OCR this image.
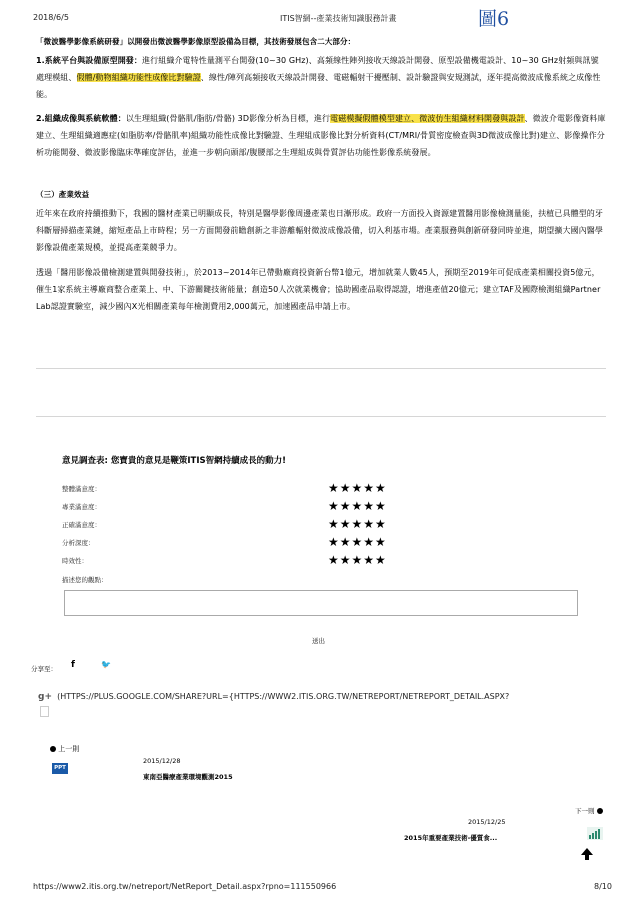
2018/6/5	ITIS智網--產業技術知識服務計畫	圖6
「微波醫學影像系統研發」以開發出微波醫學影像原型設備為目標，其技術發展包含二大部分：
1.系統平台與設備原型開發：進行組織介電特性量測平台開發(10~30 GHz)、高頻線性陣列接收天線設計開發、原型設備機電設計、10~30 GHz射頻與訊號處理模組、假體/動物組織功能性成像比對驗證、線性/陣列高頻接收天線設計開發、電磁輻射干擾壓制、設計驗證與安規測試，逐年提高微波成像系統之成像性能。
2.組織成像與系統軟體：以生理組織(骨骼肌/脂肪/骨骼) 3D影像分析為目標，進行電磁模擬假體模型建立、微波仿生組織材料開發與設計、微波介電影像資料庫建立、生理組織適應症(如脂肪率/骨骼肌率)組織功能性成像比對驗證、生理組成影像比對分析資料(CT/MRI/骨質密度檢查與3D微波成像比對)建立、影像操作分析功能開發、微波影像臨床準確度評估，並進一步朝向頭部/腹腰部之生理組成與骨質評估功能性影像系統發展。
（三）產業效益
近年來在政府持續推動下，我國的醫材產業已明顯成長，特別是醫學影像周邊產業也日漸形成。政府一方面投入資源建置醫用影像檢測量能，扶植已具體型的牙科斷層掃描產業鏈，縮短產品上市時程；另一方面開發前瞻創新之非游離輻射微波成像設備，切入利基市場。產業服務與創新研發同時並進，期望擴大國內醫學影像設備產業規模，並提高產業競爭力。
透過「醫用影像設備檢測建置與開發技術」，於2013~2014年已帶動廠商投資新台幣1億元，增加就業人數45人，預期至2019年可促成產業相關投資5億元，催生1家系統主導廠商整合產業上、中、下游關鍵技術能量；創造50人次就業機會；協助國產品取得認證，增進產值20億元；建立TAF及國際檢測組織Partner Lab認證實驗室，減少國內X光相關產業每年檢測費用2,000萬元，加速國產品申請上市。
意見調查表: 您寶貴的意見是鞭策ITIS智網持續成長的動力!
整體滿意度：	★★★★★
專業滿意度：	★★★★★
正確滿意度：	★★★★★
分析深度：	★★★★★
時效性：	★★★★★
描述您的觀點：
送出
分享至： f	🐦
g+ (HTTPS://PLUS.GOOGLE.COM/SHARE?URL={HTTPS://WWW2.ITIS.ORG.TW/NETREPORT/NETREPORT_DETAIL.ASPX?
上一則
2015/12/28
PPT
東南亞醫療產業環境觀測2015
下一則
2015/12/25
2015年重要產業技術-優質食...
https://www2.itis.org.tw/netreport/NetReport_Detail.aspx?rpno=111550966	8/10
